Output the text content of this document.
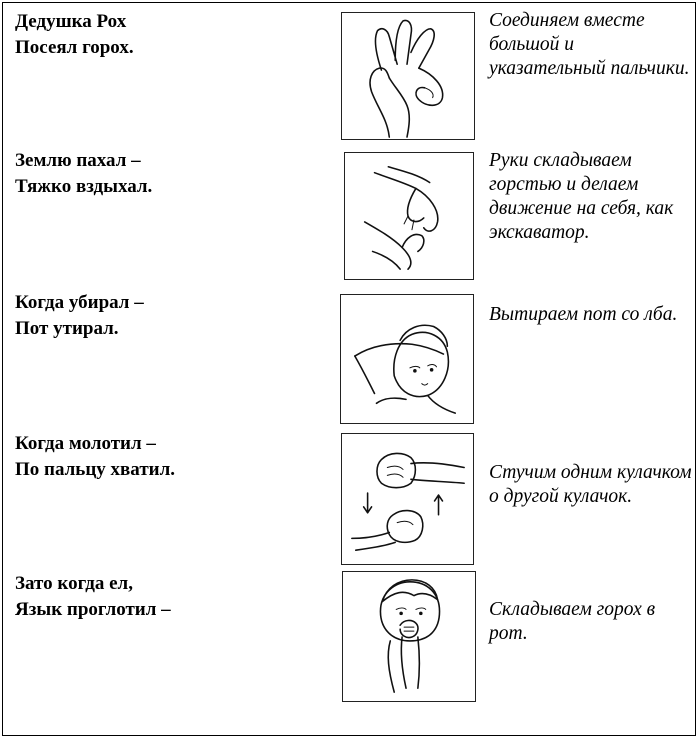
Дедушка Рох
Посеял горох.
Соединяем вместе большой и указательный пальчики.
Землю пахал –
Тяжко вздыхал.
Руки складываем горстью и делаем движение на себя, как экскаватор.
Когда убирал –
Пот утирал.
Вытираем пот со лба.
Когда молотил –
По пальцу хватил.	Стучим одним кулачком о другой кулачок.
Зато когда ел,
Язык проглотил –	Складываем горох в рот.
